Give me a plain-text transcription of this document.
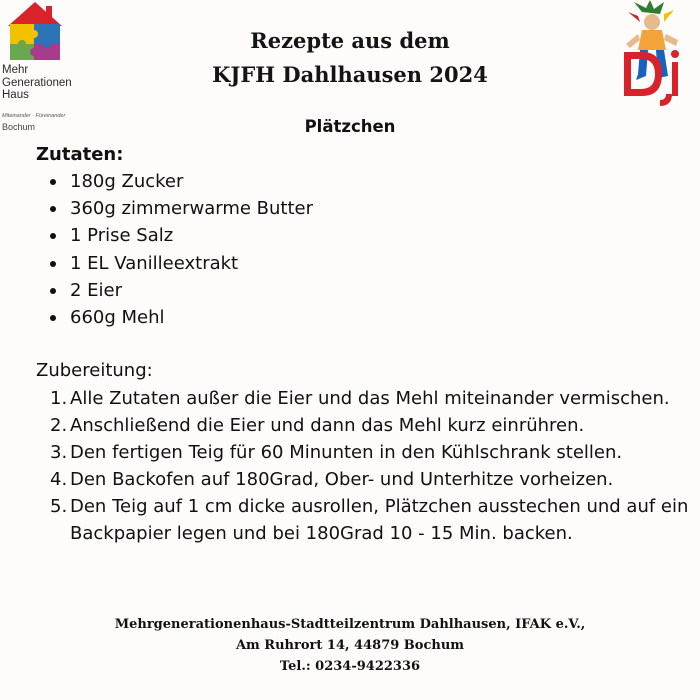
Mehr
Generationen
Haus
Miteinander · Füreinander
Bochum
Rezepte aus dem
KJFH Dahlhausen 2024
Plätzchen
Zutaten:
180g Zucker
360g zimmerwarme Butter
1 Prise Salz
1 EL Vanilleextrakt
2 Eier
660g Mehl
Zubereitung:
1. Alle Zutaten außer die Eier und das Mehl miteinander vermischen.
2. Anschließend die Eier und dann das Mehl kurz einrühren.
3. Den fertigen Teig für 60 Minunten in den Kühlschrank stellen.
4. Den Backofen auf 180Grad, Ober- und Unterhitze vorheizen.
5. Den Teig auf 1 cm dicke ausrollen, Plätzchen ausstechen und auf ein Backpapier legen und bei 180Grad 10 - 15 Min. backen.
Mehrgenerationenhaus-Stadtteilzentrum Dahlhausen, IFAK e.V.,
Am Ruhrort 14, 44879 Bochum
Tel.: 0234-9422336
